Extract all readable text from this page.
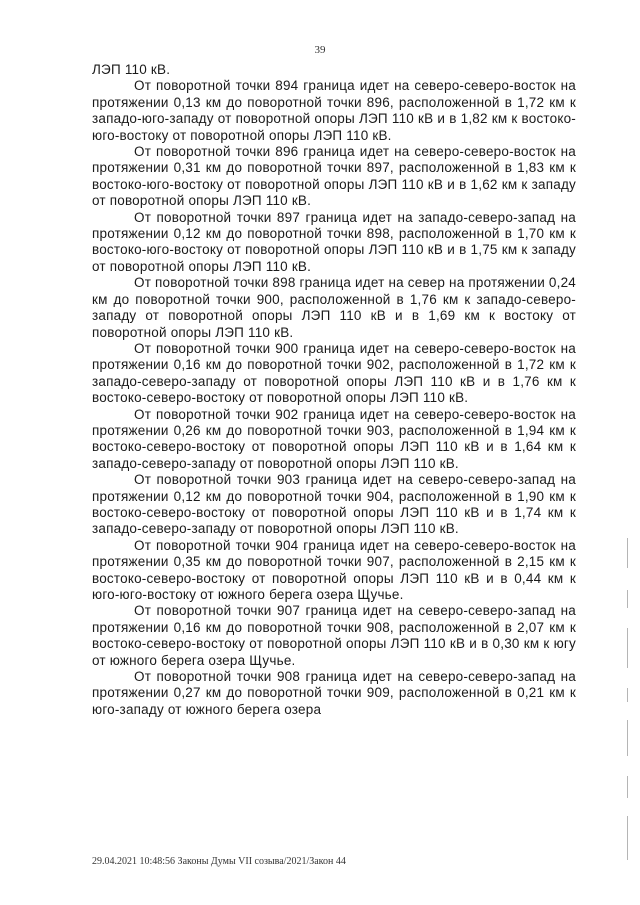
39

ЛЭП 110 кВ.

От поворотной точки 894 граница идет на северо-северо-восток на протяжении 0,13 км до поворотной точки 896, расположенной в 1,72 км к западо-юго-западу от поворотной опоры ЛЭП 110 кВ и в 1,82 км к востоко-юго-востоку от поворотной опоры ЛЭП 110 кВ.

От поворотной точки 896 граница идет на северо-северо-восток на протяжении 0,31 км до поворотной точки 897, расположенной в 1,83 км к востоко-юго-востоку от поворотной опоры ЛЭП 110 кВ и в 1,62 км к западу от поворотной опоры ЛЭП 110 кВ.

От поворотной точки 897 граница идет на западо-северо-запад на протяжении 0,12 км до поворотной точки 898, расположенной в 1,70 км к востоко-юго-востоку от поворотной опоры ЛЭП 110 кВ и в 1,75 км к западу от поворотной опоры ЛЭП 110 кВ.

От поворотной точки 898 граница идет на север на протяжении 0,24 км до поворотной точки 900, расположенной в 1,76 км к западо-северо-западу от поворотной опоры ЛЭП 110 кВ и в 1,69 км к востоку от поворотной опоры ЛЭП 110 кВ.

От поворотной точки 900 граница идет на северо-северо-восток на протяжении 0,16 км до поворотной точки 902, расположенной в 1,72 км к западо-северо-западу от поворотной опоры ЛЭП 110 кВ и в 1,76 км к востоко-северо-востоку от поворотной опоры ЛЭП 110 кВ.

От поворотной точки 902 граница идет на северо-северо-восток на протяжении 0,26 км до поворотной точки 903, расположенной в 1,94 км к востоко-северо-востоку от поворотной опоры ЛЭП 110 кВ и в 1,64 км к западо-северо-западу от поворотной опоры ЛЭП 110 кВ.

От поворотной точки 903 граница идет на северо-северо-запад на протяжении 0,12 км до поворотной точки 904, расположенной в 1,90 км к востоко-северо-востоку от поворотной опоры ЛЭП 110 кВ и в 1,74 км к западо-северо-западу от поворотной опоры ЛЭП 110 кВ.

От поворотной точки 904 граница идет на северо-северо-восток на протяжении 0,35 км до поворотной точки 907, расположенной в 2,15 км к востоко-северо-востоку от поворотной опоры ЛЭП 110 кВ и в 0,44 км к юго-юго-востоку от южного берега озера Щучье.

От поворотной точки 907 граница идет на северо-северо-запад на протяжении 0,16 км до поворотной точки 908, расположенной в 2,07 км к востоко-северо-востоку от поворотной опоры ЛЭП 110 кВ и в 0,30 км к югу от южного берега озера Щучье.

От поворотной точки 908 граница идет на северо-северо-запад на протяжении 0,27 км до поворотной точки 909, расположенной в 0,21 км к юго-западу от южного берега озера

29.04.2021 10:48:56 Законы Думы VII созыва/2021/Закон 44
